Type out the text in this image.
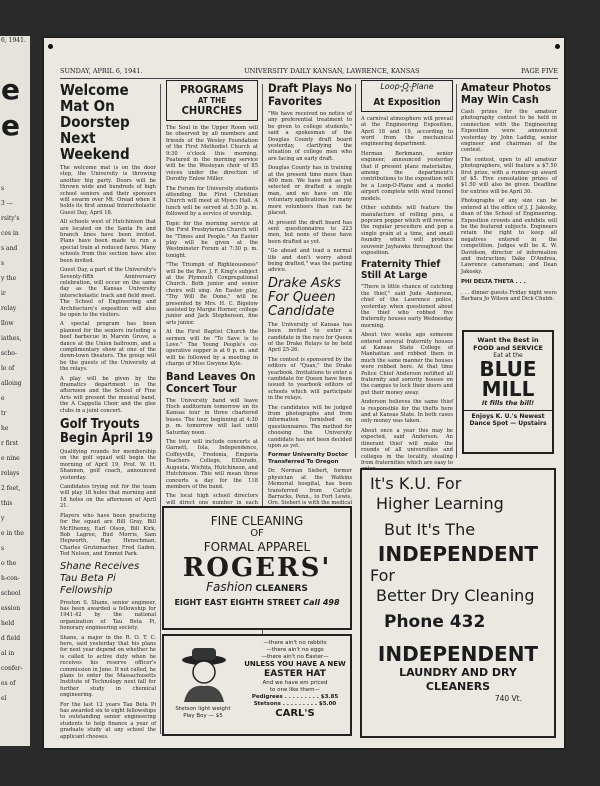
6, 1941.
e
e
s
3 ---
rsity's
ces in
s and
s
y the
ir
relay
llow
iathes,
scho-
le of
alloing
e
tr
he
r first
e nine
relays
2 feet,
this
y
e in the
s
o the
h-con-
school
ession
held
d field
al in
confer-
es of
el
SUNDAY, APRIL 6, 1941.	UNIVERSITY DAILY KANSAN, LAWRENCE, KANSAS	PAGE FIVE
Welcome Mat On Doorstep Next Weekend

The welcome mat is on the door step, the University is throwing another big party. Doors will be thrown wide and hundreds of high school seniors and their sponsors will swarm over Mt. Oread when it holds its first annual Interscholastic Guest Day, April 18.

All schools west of Hutchinson that are located on the Santa Fe and branch lines have been invited. Plans have been made to run a special train at reduced fares. Many schools from this section have also been invited.

Guest Day, a part of the University's Seventy-fifth Anniversary celebration, will occur on the same day as the Kansas University interscholastic track and field meet. The School of Engineering and Architecture's exposition will also be open to the visitors.

A special program has been planned for the seniors including a beef barbecue in Marvin Grove, a dance at the Union ballroom, and a complimentary show at one of the down-town theaters. The group will be the guests of the University at the relays.

A play will be given by the dramatics department in the afternoon and the School of Fine Arts will present the musical band, the A Cappella Choir and the glee clubs in a joint concert.

Golf Tryouts Begin April 19

Qualifying rounds for membership on the golf squad will begin the morning of April 19, Prof. W. H. Shannon, golf coach, announced yesterday.

Candidates trying out for the team will play 18 holes that morning and 18 holes on the afternoon of April 21.

Players who have been practicing for the squad are Bill Gray, Bill McElhenny, Earl Olson, Bill Kirk, Bob Lagree, Bud Morris, Sam Hepworth, Ray Henschman, Charles Grutzmacher, Fred Gaden, Ted Nelson, and Emmet Park.

Shane Receives Tau Beta Pi Fellowship

Preston S. Shane, senior engineer, has been awarded a fellowship for 1941-42 by the national organization of Tau Beta Pi, honorary engineering society.

Shane, a major in the R. O. T. C. here, said yesterday that his plans for next year depend on whether he is called to active duty when he receives his reserve officer's commission in June. If not called, he plans to enter the Massachusetts Institute of Technology next fall for further study in chemical engineering.

For the last 12 years Tau Beta Pi has awarded six to eight fellowships to outstanding senior engineering students to help finance a year of graduate study at any school the applicant chooses.

PROGRAMS
AT THE
CHURCHES

The Soul in the Upper Room will be observed by all members and friends of the Wesley Foundation of the First Methodist Church at 9:30 o'clock this morning. Featured in the morning service will be the Wesleyan choir of 85 voices under the direction of Dorothy Enlow Miller.

The Forum for University students attending the First Christian Church will meet at Myers Hall. A lunch will be served at 5:30 p. m. followed by a service of worship.

Topic for the morning service at the First Presbyterian Church will be "Times and People." An Easter play will be given at the Westminster Forum at 7:30 p. m. tonight.

"The Triumph of Righteousness" will be the Rev. J. F. King's subject at the Plymouth Congregational Church. Both junior and senior choirs will sing. An Easter play, "Thy Will Be Done," will be presented by Mrs. H. C. Bigelow assisted by Margie Horner, college junior and Jack Stephenson, fine arts junior.

At the First Baptist Church the sermon will be "To Save is to Love." The Young People's co-operative supper is at 6 p. m. and will be followed by a meeting in charge of Miss Gwynne Kyle.

Band Leaves On Concert Tour

The University band will leave Hoch auditorium tomorrow on its Kansas tour in three chartered buses. The tour, beginning at 4:30 p. m. tomorrow will last until Saturday noon.

The tour will include concerts at Garnett, Iola, Independence, Coffeyville, Fredonia, Emporia Teachers College, ElDorado, Augusta, Wichita, Hutchinson, and Hutchinson. This will mean three concerts a day for the 118 members of the band.

The local high school directors will direct one number in each

Draft Plays No Favorites

"We have received no notice of any preferential treatment to be given to college students," said a spokesman of the Douglas County draft board yesterday, clarifying the situation of college men who are facing an early draft.

Douglas County has in training at the present time more than 400 men. We have not as yet selected or drafted a single man, and we have on file voluntary applications for many more volunteers than can be placed.

At present the draft board has sent questionnaires to 223 men, but none of these have been drafted as yet.

"Go ahead and lead a normal life and don't worry about being drafted," was the parting advice.

Drake Asks For Queen Candidate

The University of Kansas has been invited to enter a candidate in the race for Queen of the Drake Relays to be held April 25-26.

The contest is sponsored by the editors of "Quax," the Drake yearbook. Invitations to enter a candidate for Queen have been issued to yearbook editors of schools which will participate in the relays.

The candidates will be judged from photographs and from information furnished on questionnaires. The method for choosing the University candidate has not been decided upon as yet.

Former University Doctor Transferred To Oregon

Dr. Norman Siebert, former physician at the Watkins Memorial hospital, has been transferred from Carlyle Barracks, Penn., to Fort Lewis, Ore. Siebert is with the medical

Loop-O-Plane
* * *
At Exposition

A carnival atmosphere will prevail at the Engineering Exposition, April 18 and 19, according to word from the mechanical engineering department.

Herman Berkmann, senior engineer, announced yesterday that if present plans materialize, among the department's contributions to the exposition will be a Loop-O-Plane and a model airport complete with wind tunnel models.

Other exhibits will feature the manufacture of rolling pins, a popcorn popper which will reverse the regular procedure and pop a single grain at a time, and small foundry which will produce souvenir Jayhawks throughout the exposition.

Fraternity Thief Still At Large

"There is little chance of catching the thief," said Jude Anderson, chief of the Lawrence police, yesterday when questioned about the thief who robbed five fraternity houses early Wednesday morning.

About two weeks ago someone entered several fraternity houses at Kansas State College of Manhattan and robbed them in much the same manner the houses were robbed here. At that time Police Chief Anderson notified all fraternity and sorority houses on the campus to lock their doors and put their money away.

Anderson believes the same thief is responsible for the thefts here and at Kansas State. In both cases only money was taken.

About once a year this may be expected, said Anderson. An itinerant thief will make the rounds of all universities and colleges in the locality, stealing from fraternities which are easy to enter.

Amateur Photos May Win Cash

Cash prizes for the amateur photography contest to be held in connection with the Engineering Exposition were announced yesterday by John Laddig, senior engineer and chairman of the contest.

The contest, open to all amateur photographers, will feature a $7.50 first prize, with a runner-up award of $5. Five consolation prizes of $1.50 will also be given. Deadline for entries will be April 30.

Photographs of any size can be entered at the office of J. J. Jakosky, dean of the School of Engineering. Exposition crowds and exhibits will be the featured subjects. Engineers retain the right to keep all negatives entered in the competition. Judges will be K. W. Davidson, director of information and instruction; Dake D'Andrea, Lawrence cameraman; and Dean Jakosky.

PHI DELTA THETA . . .

. . . dinner guests Friday night were Barbara Jo Wilson and Dick Chubb.

Want the Best in
FOOD and SERVICE
Eat at the
BLUE
MILL
It fills the bill!
Enjoys K. U.'s Newest
Dance Spot — Upstairs
FINE CLEANING
OF
FORMAL APPAREL
ROGERS'
Fashion CLEANERS
EIGHT EAST EIGHTH STREET Call 498
Stetson light weight
Play Boy — $5
—there ain't no rabbits
—there ain't no eggs
—there ain't no Easter—
UNLESS YOU HAVE A NEW
EASTER HAT
And we have em priced
to one like them—
Pedigrees . . . . . . . . . $3.85
Stetsons . . . . . . . . . $5.00
CARL'S
It's K.U. For
Higher Learning
But It's The
INDEPENDENT
For
Better Dry Cleaning
Phone 432
INDEPENDENT
LAUNDRY AND DRY CLEANERS
740 Vt.
